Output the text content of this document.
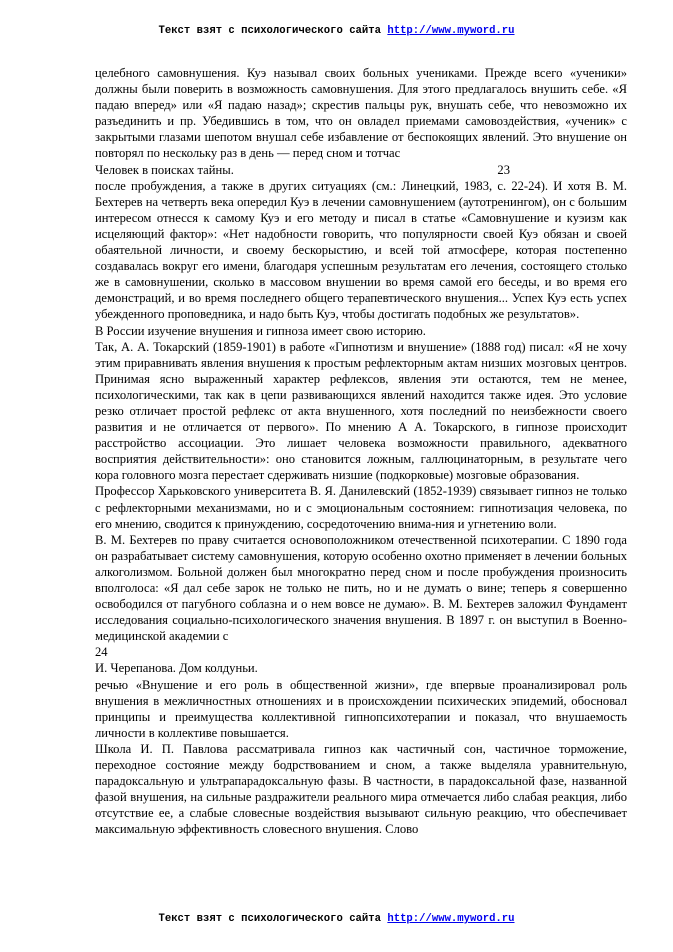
Текст взят с психологического сайта http://www.myword.ru

целебного самовнушения. Куэ называл своих больных учениками. Прежде всего «ученики» должны были поверить в возможность самовнушения. Для этого предлагалось внушить себе. «Я падаю вперед» или «Я падаю назад»; скрестив пальцы рук, внушать себе, что невозможно их разъединить и пр. Убедившись в том, что он овладел приемами самовоздействия, «ученик» с закрытыми глазами шепотом внушал себе избавление от беспокоящих явлений. Это внушение он повторял по нескольку раз в день — перед сном и тотчас

Человек в поисках тайны.	23

после пробуждения, а также в других ситуациях (см.: Линецкий, 1983, с. 22-24). И хотя В. М. Бехтерев на четверть века опередил Куэ в лечении самовнушением (аутотренингом), он с большим интересом отнесся к самому Куэ и его методу и писал в статье «Самовнушение и куэизм как исцеляющий фактор»: «Нет надобности говорить, что популярности своей Куэ обязан и своей обаятельной личности, и своему бескорыстию, и всей той атмосфере, которая постепенно создавалась вокруг его имени, благодаря успешным результатам его лечения, состоящего столько же в самовнушении, сколько в массовом внушении во время самой его беседы, и во время его демонстраций, и во время последнего общего терапевтического внушения... Успех Куэ есть успех убежденного проповедника, и надо быть Куэ, чтобы достигать подобных же результатов».

В России изучение внушения и гипноза имеет свою историю.

Так, А. А. Токарский (1859-1901) в работе «Гипнотизм и внушение» (1888 год) писал: «Я не хочу этим приравнивать явления внушения к простым рефлекторным актам низших мозговых центров. Принимая ясно выраженный характер рефлексов, явления эти остаются, тем не менее, психологическими, так как в цепи развивающихся явлений находится также идея. Это условие резко отличает простой рефлекс от акта внушенного, хотя последний по неизбежности своего развития и не отличается от первого». По мнению А А. Токарского, в гипнозе происходит расстройство ассоциации. Это лишает человека возможности правильного, адекватного восприятия действительности»: оно становится ложным, галлюцинаторным, в результате чего кора головного мозга перестает сдерживать низшие (подкорковые) мозговые образования.

Профессор Харьковского университета В. Я. Данилевский (1852-1939) связывает гипноз не только с рефлекторными механизмами, но и с эмоциональным состоянием: гипнотизация человека, по его мнению, сводится к принуждению, сосредоточению внима-ния и угнетению воли.

В. М. Бехтерев по праву считается основоположником отечественной психотерапии. С 1890 года он разрабатывает систему самовнушения, которую особенно охотно применяет в лечении больных алкоголизмом. Больной должен был многократно перед сном и после пробуждения произносить вполголоса: «Я дал себе зарок не только не пить, но и не думать о вине; теперь я совершенно освободился от пагубного соблазна и о нем вовсе не думаю». В. М. Бехтерев заложил Фундамент исследования социально-психологического значения внушения. В 1897 г. он выступил в Военно-медицинской академии с

24

И. Черепанова. Дом колдуньи.

речью «Внушение и его роль в общественной жизни», где впервые проанализировал роль внушения в межличностных отношениях и в происхождении психических эпидемий, обосновал принципы и преимущества коллективной гипнопсихотерапии и показал, что внушаемость личности в коллективе повышается.

Школа И. П. Павлова рассматривала гипноз как частичный сон, частичное торможение, переходное состояние между бодрствованием и сном, а также выделяла уравнительную, парадоксальную и ультрапарадоксальную фазы. В частности, в парадоксальной фазе, названной фазой внушения, на сильные раздражители реального мира отмечается либо слабая реакция, либо отсутствие ее, а слабые словесные воздействия вызывают сильную реакцию, что обеспечивает максимальную эффективность словесного внушения. Слово

Текст взят с психологического сайта http://www.myword.ru
